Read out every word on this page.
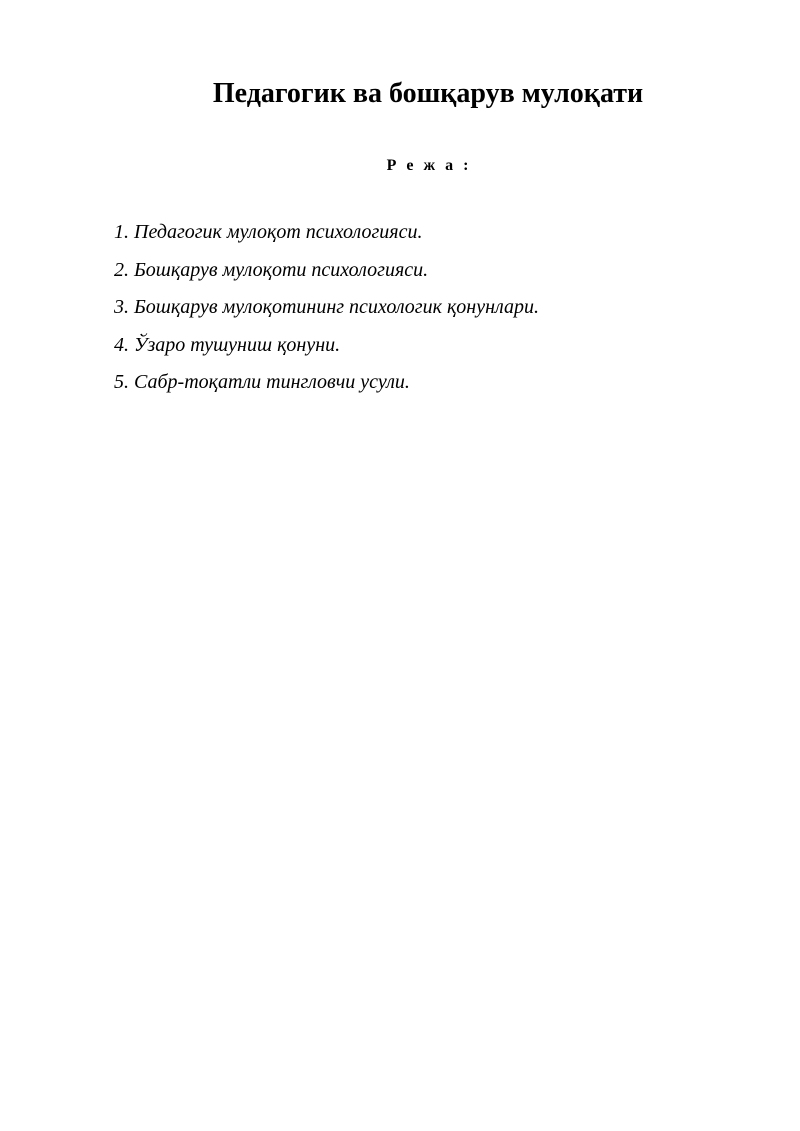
Педагогик ва бошқарув мулоқати
Р е ж а :
1. Педагогик мулоқот психологияси.
2. Бошқарув мулоқоти психологияси.
3. Бошқарув мулоқотининг психологик қонунлари.
4. Ўзаро тушуниш қонуни.
5. Сабр-тоқатли тингловчи усули.
